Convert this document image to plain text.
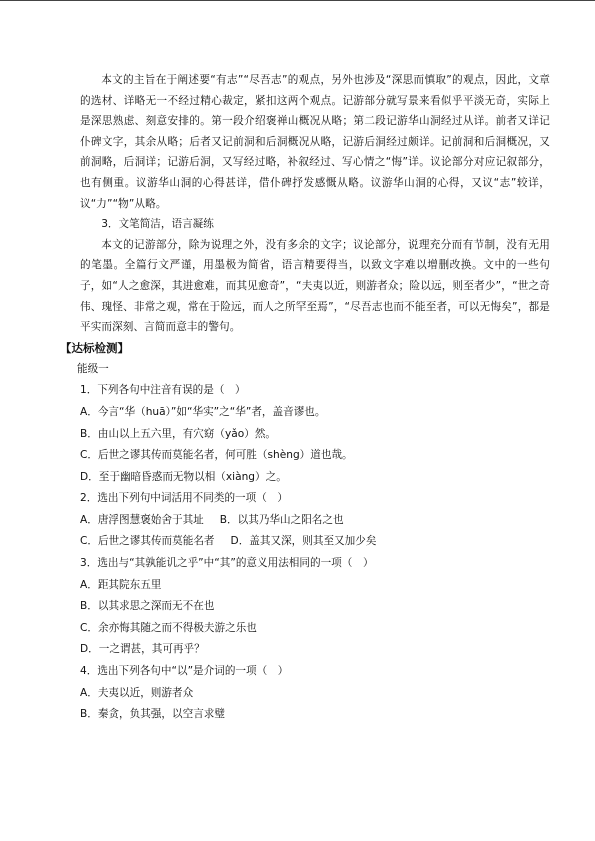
本文的主旨在于阐述要“有志”“尽吾志”的观点，另外也涉及“深思而慎取”的观点，因此，文章的选材、详略无一不经过精心裁定，紧扣这两个观点。记游部分就写景来看似乎平淡无奇，实际上是深思熟虑、刻意安排的。第一段介绍褒禅山概况从略；第二段记游华山洞经过从详。前者又详记仆碑文字，其余从略；后者又记前洞和后洞概况从略，记游后洞经过颇详。记前洞和后洞概况，又前洞略，后洞详；记游后洞，又写经过略，补叙经过、写心情之“悔”详。议论部分对应记叙部分，也有侧重。议游华山洞的心得甚详，借仆碑抒发感慨从略。议游华山洞的心得，又议“志”较详，议“力”“物”从略。

3．文笔简洁，语言凝练

本文的记游部分，除为说理之外，没有多余的文字；议论部分，说理充分而有节制，没有无用的笔墨。全篇行文严谨，用墨极为简省，语言精要得当，以致文字难以增删改换。文中的一些句子，如“人之愈深，其进愈难，而其见愈奇”，“夫夷以近，则游者众；险以远，则至者少”，“世之奇伟、瑰怪、非常之观，常在于险远，而人之所罕至焉”，“尽吾志也而不能至者，可以无悔矣”，都是平实而深刻、言简而意丰的警句。

【达标检测】

能级一

1．下列各句中注音有误的是（　）

A．今言“华（huā）”如“华实”之“华”者，盖音谬也。

B．由山以上五六里，有穴窈（yǎo）然。

C．后世之谬其传而莫能名者，何可胜（shèng）道也哉。

D．至于幽暗昏惑而无物以相（xiàng）之。

2．选出下列句中词活用不同类的一项（　）

A．唐浮图慧褒始舍于其址 B．以其乃华山之阳名之也

C．后世之谬其传而莫能名者 D．盖其又深，则其至又加少矣

3．选出与“其孰能讥之乎”中“其”的意义用法相同的一项（　）

A．距其院东五里

B．以其求思之深而无不在也

C．余亦悔其随之而不得极夫游之乐也

D．一之谓甚，其可再乎？

4．选出下列各句中“以”是介词的一项（　）

A．夫夷以近，则游者众

B．秦贪，负其强，以空言求璧
